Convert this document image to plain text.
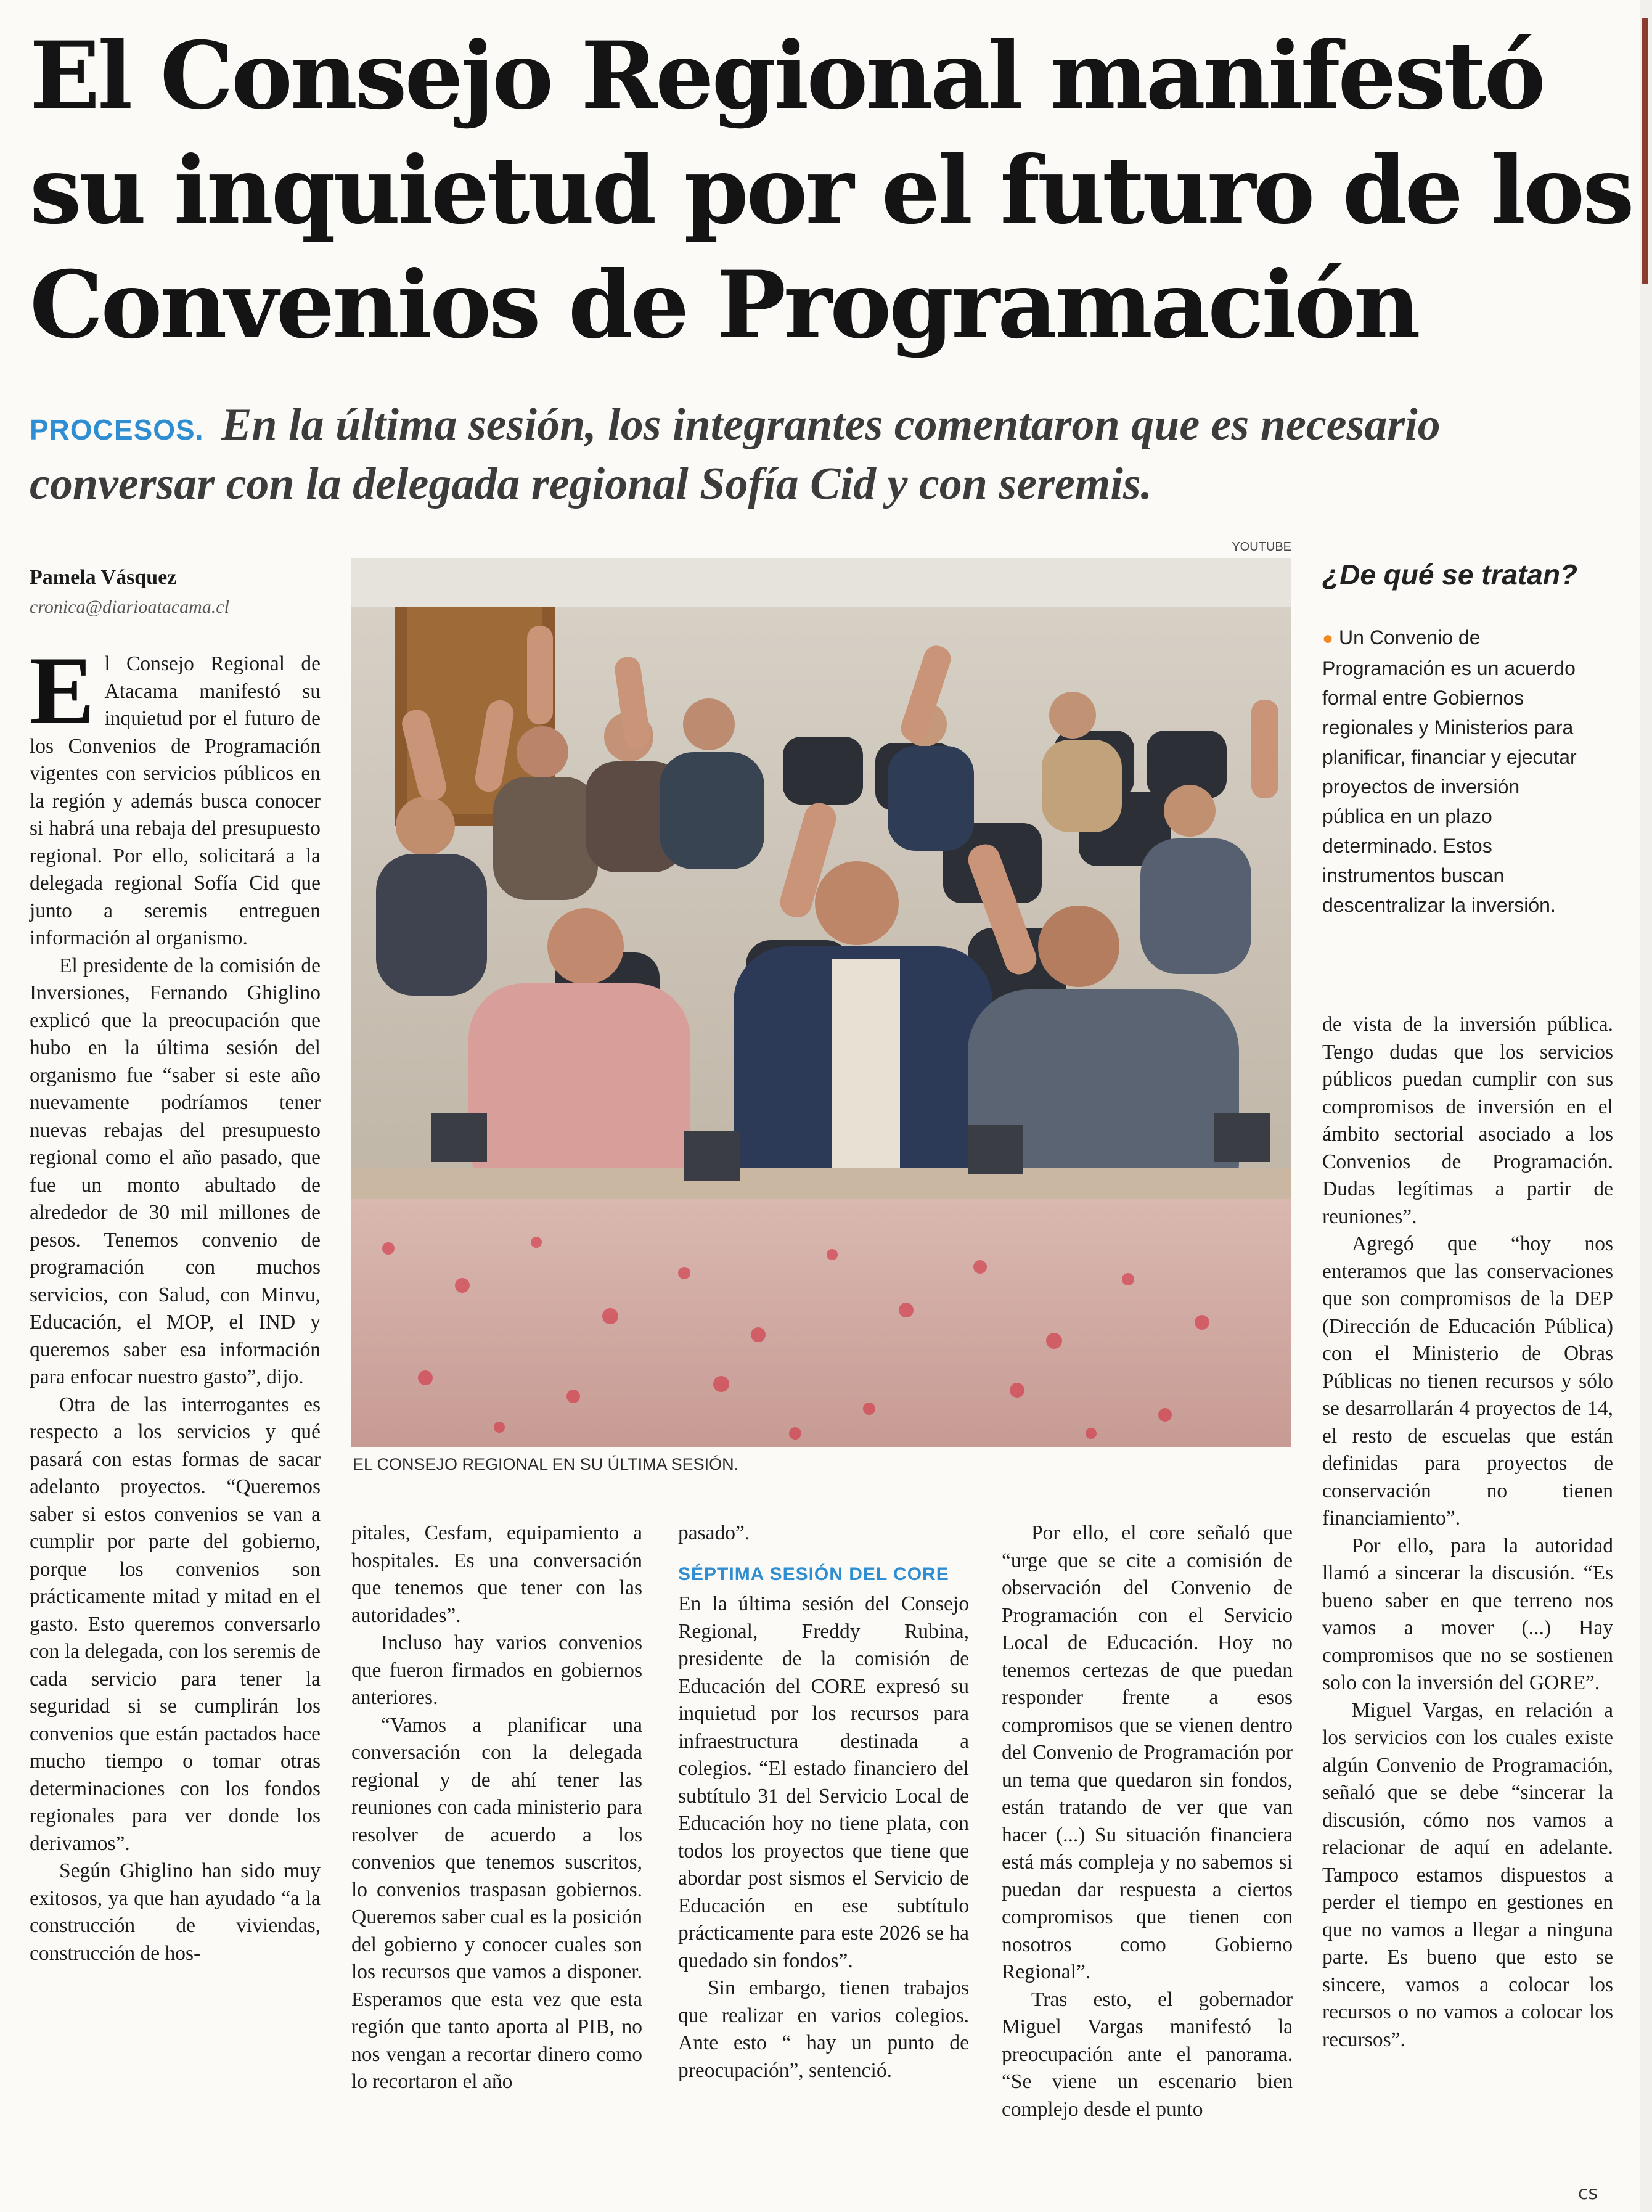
El Consejo Regional manifestó
su inquietud por el futuro de los
Convenios de Programación

PROCESOS. En la última sesión, los integrantes comentaron que es necesario conversar con la delegada regional Sofía Cid y con seremis.

Pamela Vásquez
cronica@diarioatacama.cl

El Consejo Regional de Atacama manifestó su inquietud por el futuro de los Convenios de Programación vigentes con servicios públicos en la región y además busca conocer si habrá una rebaja del presupuesto regional. Por ello, solicitará a la delegada regional Sofía Cid que junto a seremis entreguen información al organismo.

El presidente de la comisión de Inversiones, Fernando Ghiglino explicó que la preocupación que hubo en la última sesión del organismo fue “saber si este año nuevamente podríamos tener nuevas rebajas del presupuesto regional como el año pasado, que fue un monto abultado de alrededor de 30 mil millones de pesos. Tenemos convenio de programación con muchos servicios, con Salud, con Minvu, Educación, el MOP, el IND y queremos saber esa información para enfocar nuestro gasto”, dijo.

Otra de las interrogantes es respecto a los servicios y qué pasará con estas formas de sacar adelanto proyectos. “Queremos saber si estos convenios se van a cumplir por parte del gobierno, porque los convenios son prácticamente mitad y mitad en el gasto. Esto queremos conversarlo con la delegada, con los seremis de cada servicio para tener la seguridad si se cumplirán los convenios que están pactados hace mucho tiempo o tomar otras determinaciones con los fondos regionales para ver donde los derivamos”.

Según Ghiglino han sido muy exitosos, ya que han ayudado “a la construcción de viviendas, construcción de hos-

YOUTUBE
EL CONSEJO REGIONAL EN SU ÚLTIMA SESIÓN.
¿De qué se tratan?
● Un Convenio de Programación es un acuerdo formal entre Gobiernos regionales y Ministerios para planificar, financiar y ejecutar proyectos de inversión pública en un plazo determinado. Estos instrumentos buscan descentralizar la inversión.

pitales, Cesfam, equipamiento a hospitales. Es una conversación que tenemos que tener con las autoridades”.

Incluso hay varios convenios que fueron firmados en gobiernos anteriores.

“Vamos a planificar una conversación con la delegada regional y de ahí tener las reuniones con cada ministerio para resolver de acuerdo a los convenios que tenemos suscritos, lo convenios traspasan gobiernos. Queremos saber cual es la posición del gobierno y conocer cuales son los recursos que vamos a disponer. Esperamos que esta vez que esta región que tanto aporta al PIB, no nos vengan a recortar dinero como lo recortaron el año

pasado”.

SÉPTIMA SESIÓN DEL CORE

En la última sesión del Consejo Regional, Freddy Rubina, presidente de la comisión de Educación del CORE expresó su inquietud por los recursos para infraestructura destinada a colegios. “El estado financiero del subtítulo 31 del Servicio Local de Educación hoy no tiene plata, con todos los proyectos que tiene que abordar post sismos el Servicio de Educación en ese subtítulo prácticamente para este 2026 se ha quedado sin fondos”.

Sin embargo, tienen trabajos que realizar en varios colegios. Ante esto “ hay un punto de preocupación”, sentenció.

Por ello, el core señaló que “urge que se cite a comisión de observación del Convenio de Programación con el Servicio Local de Educación. Hoy no tenemos certezas de que puedan responder frente a esos compromisos que se vienen dentro del Convenio de Programación por un tema que quedaron sin fondos, están tratando de ver que van hacer (...) Su situación financiera está más compleja y no sabemos si puedan dar respuesta a ciertos compromisos que tienen con nosotros como Gobierno Regional”.

Tras esto, el gobernador Miguel Vargas manifestó la preocupación ante el panorama. “Se viene un escenario bien complejo desde el punto

de vista de la inversión pública. Tengo dudas que los servicios públicos puedan cumplir con sus compromisos de inversión en el ámbito sectorial asociado a los Convenios de Programación. Dudas legítimas a partir de reuniones”.

Agregó que “hoy nos enteramos que las conservaciones que son compromisos de la DEP (Dirección de Educación Pública) con el Ministerio de Obras Públicas no tienen recursos y sólo se desarrollarán 4 proyectos de 14, el resto de escuelas que están definidas para proyectos de conservación no tienen financiamiento”.

Por ello, para la autoridad llamó a sincerar la discusión. “Es bueno saber en que terreno nos vamos a mover (...) Hay compromisos que no se sostienen solo con la inversión del GORE”.

Miguel Vargas, en relación a los servicios con los cuales existe algún Convenio de Programación, señaló que se debe “sincerar la discusión, cómo nos vamos a relacionar de aquí en adelante. Tampoco estamos dispuestos a perder el tiempo en gestiones en que no vamos a llegar a ninguna parte. Es bueno que esto se sincere, vamos a colocar los recursos o no vamos a colocar los recursos”.

cs
